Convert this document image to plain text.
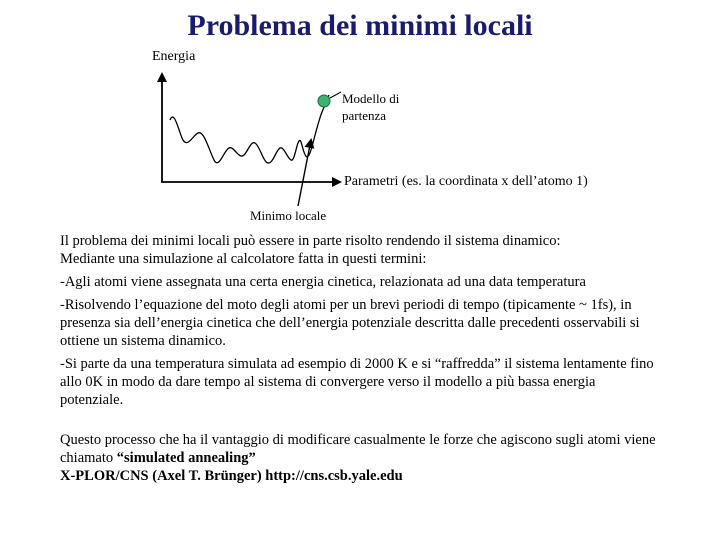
Problema dei minimi locali
Energia
Modello di
partenza
Parametri (es. la coordinata x dell’atomo 1)
Minimo locale

Il problema dei minimi locali può essere in parte risolto rendendo il sistema dinamico:

Mediante una simulazione al calcolatore fatta in questi termini:

-Agli atomi viene assegnata una certa energia cinetica, relazionata ad una data temperatura

-Risolvendo l’equazione del moto degli atomi per un brevi periodi di tempo (tipicamente ~ 1fs), in presenza sia dell’energia cinetica che dell’energia potenziale descritta dalle precedenti osservabili si ottiene un sistema dinamico.

-Si parte da una temperatura simulata ad esempio di 2000 K e si “raffredda” il sistema lentamente fino allo 0K in modo da dare tempo al sistema di convergere verso il modello a più bassa energia potenziale.

Questo processo che ha il vantaggio di modificare casualmente le forze che agiscono sugli atomi viene chiamato “simulated annealing”

X-PLOR/CNS (Axel T. Brünger) http://cns.csb.yale.edu
